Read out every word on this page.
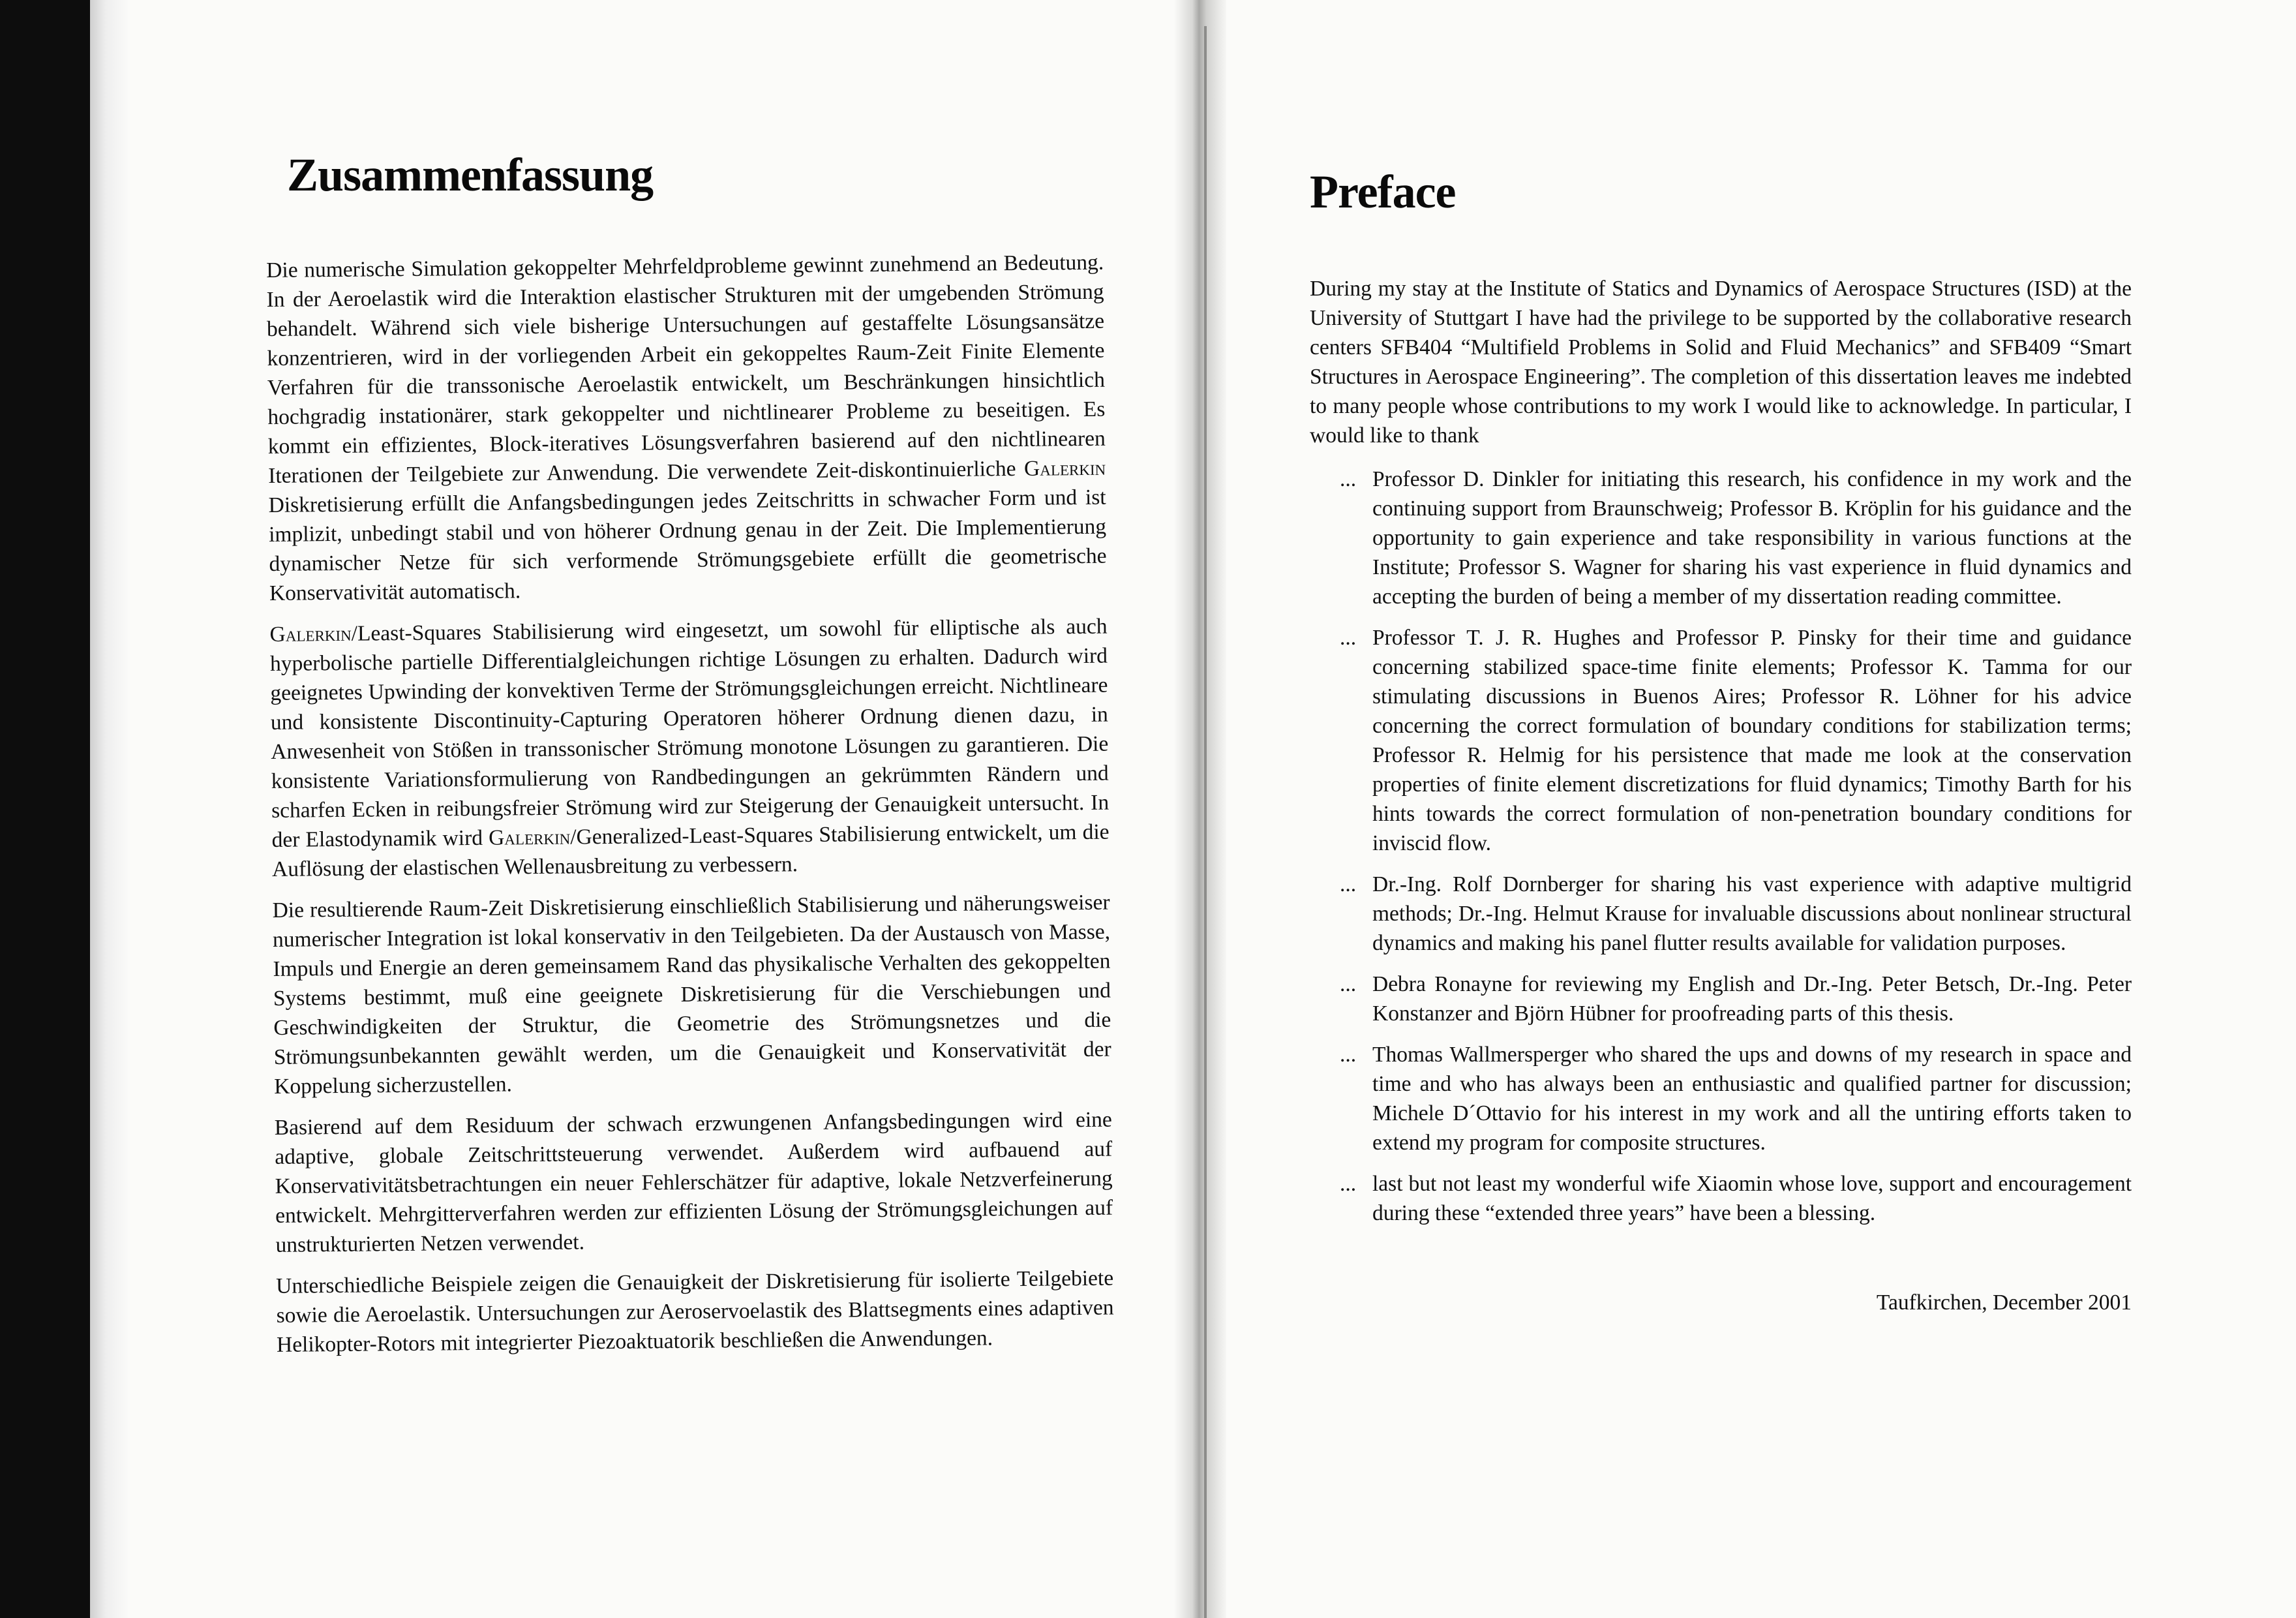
Zusammenfassung

Die numerische Simulation gekoppelter Mehrfeldprobleme gewinnt zunehmend an Bedeutung. In der Aeroelastik wird die Interaktion elastischer Strukturen mit der umgebenden Strömung behandelt. Während sich viele bisherige Untersuchungen auf gestaffelte Lösungsansätze konzentrieren, wird in der vorliegenden Arbeit ein gekoppeltes Raum-Zeit Finite Elemente Verfahren für die transsonische Aeroelastik entwickelt, um Beschränkungen hinsichtlich hochgradig instationärer, stark gekoppelter und nichtlinearer Probleme zu beseitigen. Es kommt ein effizientes, Block-iteratives Lösungsverfahren basierend auf den nichtlinearen Iterationen der Teilgebiete zur Anwendung. Die verwendete Zeit-diskontinuierliche Galerkin Diskretisierung erfüllt die Anfangsbedingungen jedes Zeitschritts in schwacher Form und ist implizit, unbedingt stabil und von höherer Ordnung genau in der Zeit. Die Implementierung dynamischer Netze für sich verformende Strömungsgebiete erfüllt die geometrische Konservativität automatisch.

Galerkin/Least-Squares Stabilisierung wird eingesetzt, um sowohl für elliptische als auch hyperbolische partielle Differentialgleichungen richtige Lösungen zu erhalten. Dadurch wird geeignetes Upwinding der konvektiven Terme der Strömungsgleichungen erreicht. Nichtlineare und konsistente Discontinuity-Capturing Operatoren höherer Ordnung dienen dazu, in Anwesenheit von Stößen in transsonischer Strömung monotone Lösungen zu garantieren. Die konsistente Variationsformulierung von Randbedingungen an gekrümmten Rändern und scharfen Ecken in reibungsfreier Strömung wird zur Steigerung der Genauigkeit untersucht. In der Elastodynamik wird Galerkin/Generalized-Least-Squares Stabilisierung entwickelt, um die Auflösung der elastischen Wellenausbreitung zu verbessern.

Die resultierende Raum-Zeit Diskretisierung einschließlich Stabilisierung und näherungsweiser numerischer Integration ist lokal konservativ in den Teilgebieten. Da der Austausch von Masse, Impuls und Energie an deren gemeinsamem Rand das physikalische Verhalten des gekoppelten Systems bestimmt, muß eine geeignete Diskretisierung für die Verschiebungen und Geschwindigkeiten der Struktur, die Geometrie des Strömungsnetzes und die Strömungsunbekannten gewählt werden, um die Genauigkeit und Konservativität der Koppelung sicherzustellen.

Basierend auf dem Residuum der schwach erzwungenen Anfangsbedingungen wird eine adaptive, globale Zeitschrittsteuerung verwendet. Außerdem wird aufbauend auf Konservativitätsbetrachtungen ein neuer Fehlerschätzer für adaptive, lokale Netzverfeinerung entwickelt. Mehrgitterverfahren werden zur effizienten Lösung der Strömungsgleichungen auf unstrukturierten Netzen verwendet.

Unterschiedliche Beispiele zeigen die Genauigkeit der Diskretisierung für isolierte Teilgebiete sowie die Aeroelastik. Untersuchungen zur Aeroservoelastik des Blattsegments eines adaptiven Helikopter-Rotors mit integrierter Piezoaktuatorik beschließen die Anwendungen.

Preface

During my stay at the Institute of Statics and Dynamics of Aerospace Structures (ISD) at the University of Stuttgart I have had the privilege to be supported by the collaborative research centers SFB404 “Multifield Problems in Solid and Fluid Mechanics” and SFB409 “Smart Structures in Aerospace Engineering”. The completion of this dissertation leaves me indebted to many people whose contributions to my work I would like to acknowledge. In particular, I would like to thank

... Professor D. Dinkler for initiating this research, his confidence in my work and the continuing support from Braunschweig; Professor B. Kröplin for his guidance and the opportunity to gain experience and take responsibility in various functions at the Institute; Professor S. Wagner for sharing his vast experience in fluid dynamics and accepting the burden of being a member of my dissertation reading committee.
... Professor T. J. R. Hughes and Professor P. Pinsky for their time and guidance concerning stabilized space-time finite elements; Professor K. Tamma for our stimulating discussions in Buenos Aires; Professor R. Löhner for his advice concerning the correct formulation of boundary conditions for stabilization terms; Professor R. Helmig for his persistence that made me look at the conservation properties of finite element discretizations for fluid dynamics; Timothy Barth for his hints towards the correct formulation of non-penetration boundary conditions for inviscid flow.
... Dr.-Ing. Rolf Dornberger for sharing his vast experience with adaptive multigrid methods; Dr.-Ing. Helmut Krause for invaluable discussions about nonlinear structural dynamics and making his panel flutter results available for validation purposes.
... Debra Ronayne for reviewing my English and Dr.-Ing. Peter Betsch, Dr.-Ing. Peter Konstanzer and Björn Hübner for proofreading parts of this thesis.
... Thomas Wallmersperger who shared the ups and downs of my research in space and time and who has always been an enthusiastic and qualified partner for discussion; Michele D´Ottavio for his interest in my work and all the untiring efforts taken to extend my program for composite structures.
... last but not least my wonderful wife Xiaomin whose love, support and encouragement during these “extended three years” have been a blessing.

Taufkirchen, December 2001
